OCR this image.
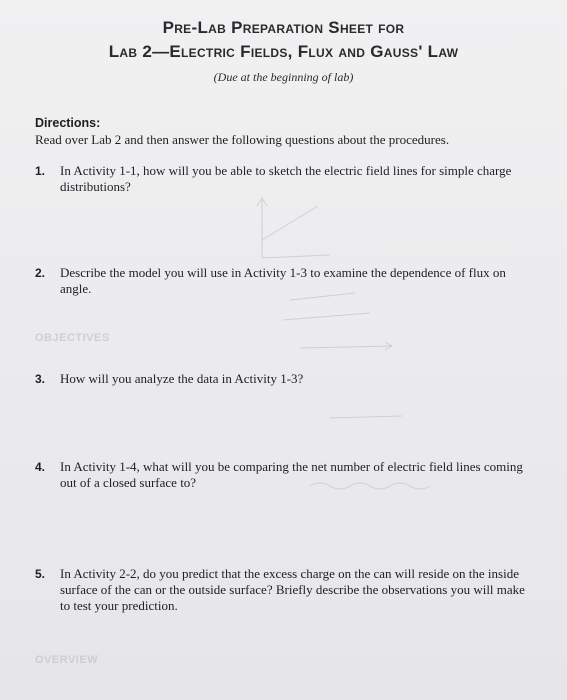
Pre-Lab Preparation Sheet for
Lab 2—Electric Fields, Flux and Gauss' Law
(Due at the beginning of lab)
Directions:
Read over Lab 2 and then answer the following questions about the procedures.
1. In Activity 1-1, how will you be able to sketch the electric field lines for simple charge distributions?
2. Describe the model you will use in Activity 1-3 to examine the dependence of flux on angle.
OBJECTIVES
3. How will you analyze the data in Activity 1-3?
4. In Activity 1-4, what will you be comparing the net number of electric field lines coming out of a closed surface to?
5. In Activity 2-2, do you predict that the excess charge on the can will reside on the inside surface of the can or the outside surface? Briefly describe the observations you will make to test your prediction.
OVERVIEW
